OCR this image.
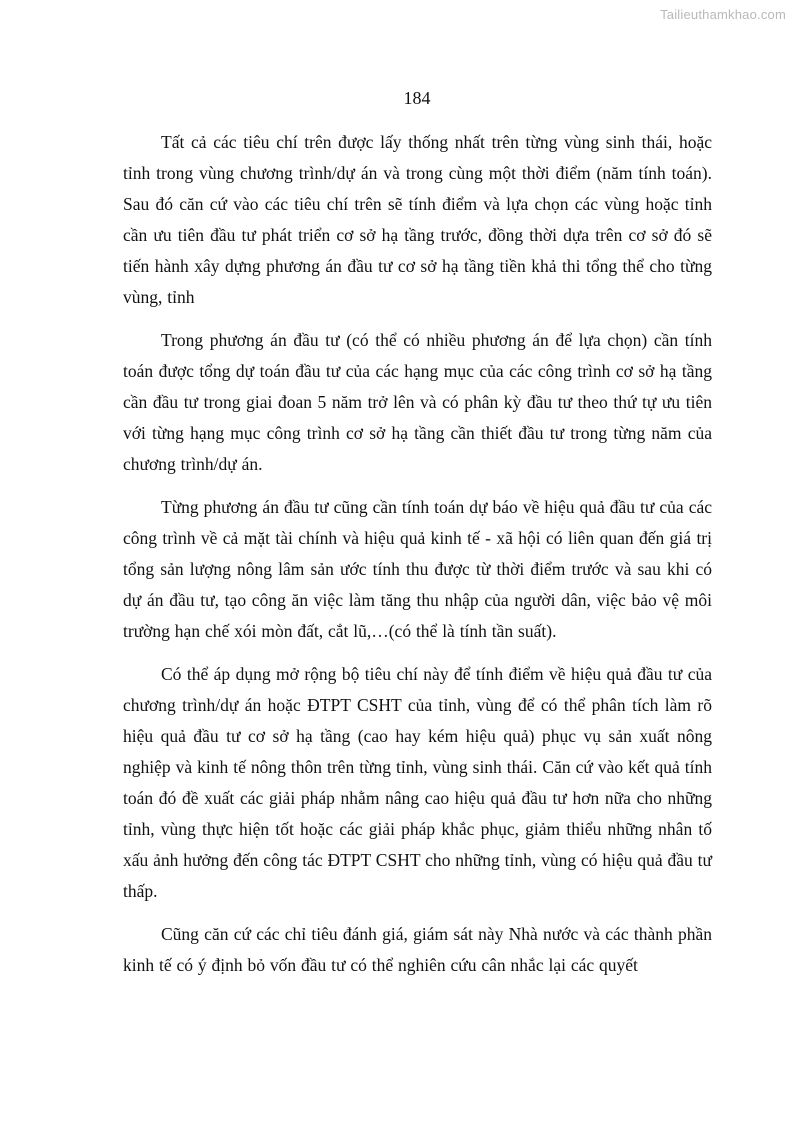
Tailieuthamkhao.com
184

Tất cả các tiêu chí trên được lấy thống nhất trên từng vùng sinh thái, hoặc tỉnh trong vùng chương trình/dự án và trong cùng một thời điểm (năm tính toán). Sau đó căn cứ vào các tiêu chí trên sẽ tính điểm và lựa chọn các vùng hoặc tỉnh cần ưu tiên đầu tư phát triển cơ sở hạ tầng trước, đồng thời dựa trên cơ sở đó sẽ tiến hành xây dựng phương án đầu tư cơ sở hạ tầng tiền khả thi tổng thể cho từng vùng, tỉnh

Trong phương án đầu tư (có thể có nhiều phương án để lựa chọn) cần tính toán được tổng dự toán đầu tư của các hạng mục của các công trình cơ sở hạ tầng cần đầu tư trong giai đoan 5 năm trở lên và có phân kỳ đầu tư theo thứ tự ưu tiên với từng hạng mục công trình cơ sở hạ tầng cần thiết đầu tư trong từng năm của chương trình/dự án.

Từng phương án đầu tư cũng cần tính toán dự báo về hiệu quả đầu tư của các công trình về cả mặt tài chính và hiệu quả kinh tế - xã hội có liên quan đến giá trị tổng sản lượng nông lâm sản ước tính thu được từ thời điểm trước và sau khi có dự án đầu tư, tạo công ăn việc làm tăng thu nhập của người dân, việc bảo vệ môi trường hạn chế xói mòn đất, cắt lũ,…(có thể là tính tần suất).

Có thể áp dụng mở rộng bộ tiêu chí này để tính điểm về hiệu quả đầu tư của chương trình/dự án hoặc ĐTPT CSHT của tỉnh, vùng để có thể phân tích làm rõ hiệu quả đầu tư cơ sở hạ tầng (cao hay kém hiệu quả) phục vụ sản xuất nông nghiệp và kinh tế nông thôn trên từng tỉnh, vùng sinh thái. Căn cứ vào kết quả tính toán đó đề xuất các giải pháp nhằm nâng cao hiệu quả đầu tư hơn nữa cho những tỉnh, vùng thực hiện tốt hoặc các giải pháp khắc phục, giảm thiểu những nhân tố xấu ảnh hưởng đến công tác ĐTPT CSHT cho những tỉnh, vùng có hiệu quả đầu tư thấp.

Cũng căn cứ các chỉ tiêu đánh giá, giám sát này Nhà nước và các thành phần kinh tế có ý định bỏ vốn đầu tư có thể nghiên cứu cân nhắc lại các quyết
